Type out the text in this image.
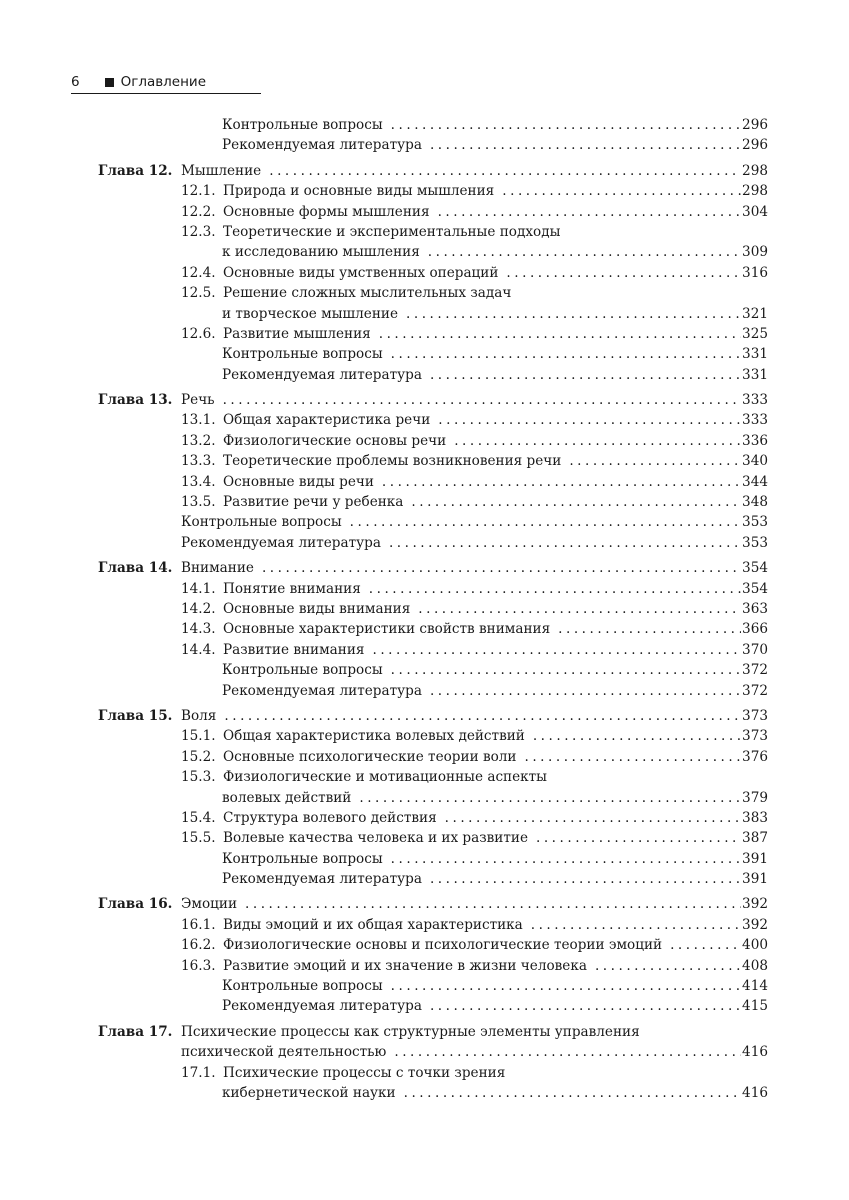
6	Оглавление
Контрольные вопросы . . .	296
Рекомендуемая литература . . .	296
Глава 12. Мышление . . .	298
12.1. Природа и основные виды мышления . . .	298
12.2. Основные формы мышления . . .	304
12.3. Теоретические и экспериментальные подходы
к исследованию мышления . . .	309
12.4. Основные виды умственных операций . . .	316
12.5. Решение сложных мыслительных задач
и творческое мышление . . .	321
12.6. Развитие мышления . . .	325
Контрольные вопросы . . .	331
Рекомендуемая литература . . .	331
Глава 13. Речь . . .	333
13.1. Общая характеристика речи . . .	333
13.2. Физиологические основы речи . . .	336
13.3. Теоретические проблемы возникновения речи . . .	340
13.4. Основные виды речи . . .	344
13.5. Развитие речи у ребенка . . .	348
Контрольные вопросы . . .	353
Рекомендуемая литература . . .	353
Глава 14. Внимание . . .	354
14.1. Понятие внимания . . .	354
14.2. Основные виды внимания . . .	363
14.3. Основные характеристики свойств внимания . . .	366
14.4. Развитие внимания . . .	370
Контрольные вопросы . . .	372
Рекомендуемая литература . . .	372
Глава 15. Воля . . .	373
15.1. Общая характеристика волевых действий . . .	373
15.2. Основные психологические теории воли . . .	376
15.3. Физиологические и мотивационные аспекты
волевых действий . . .	379
15.4. Структура волевого действия . . .	383
15.5. Волевые качества человека и их развитие . . .	387
Контрольные вопросы . . .	391
Рекомендуемая литература . . .	391
Глава 16. Эмоции . . .	392
16.1. Виды эмоций и их общая характеристика . . .	392
16.2. Физиологические основы и психологические теории эмоций . . .	400
16.3. Развитие эмоций и их значение в жизни человека . . .	408
Контрольные вопросы . . .	414
Рекомендуемая литература . . .	415
Глава 17. Психические процессы как структурные элементы управления
психической деятельностью . . .	416
17.1. Психические процессы с точки зрения
кибернетической науки . . .	416
